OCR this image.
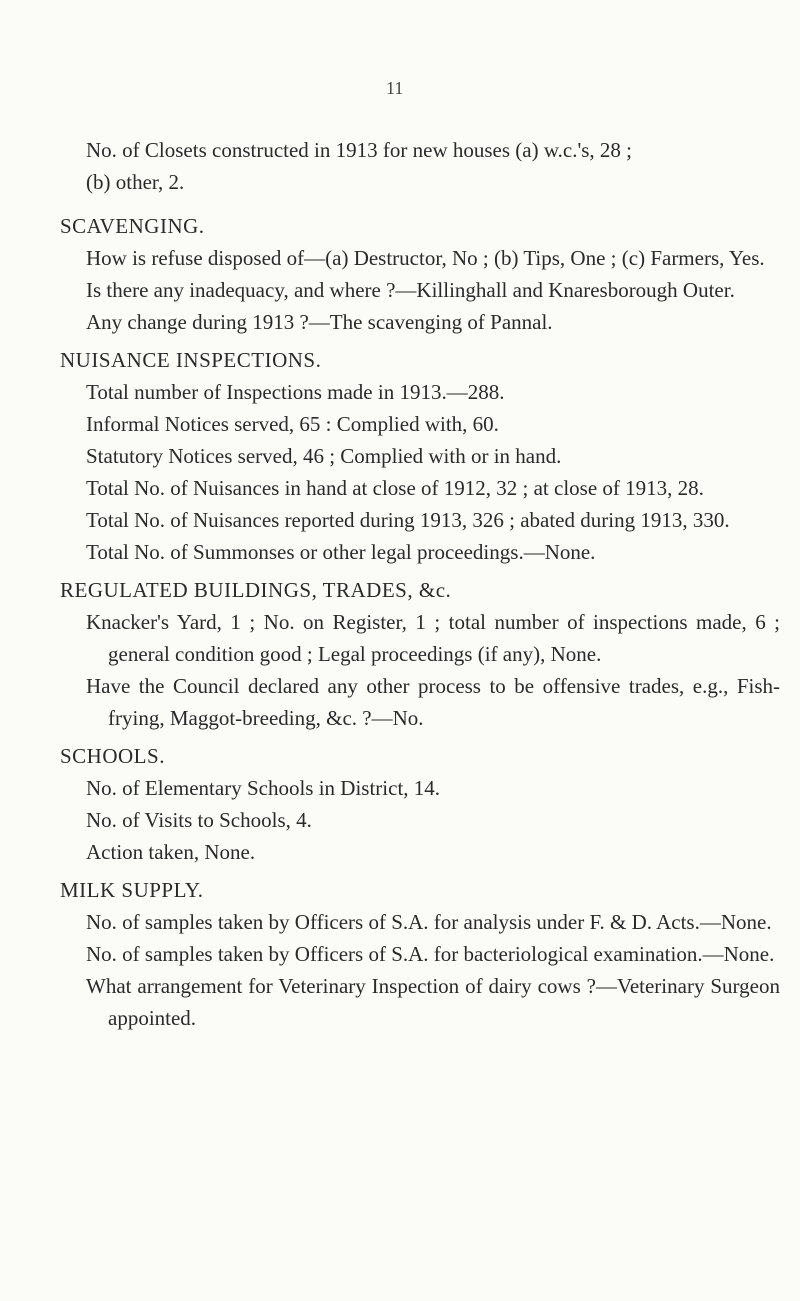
11

No. of Closets constructed in 1913 for new houses (a) w.c.'s, 28 ;
(b) other, 2.

SCAVENGING.

How is refuse disposed of—(a) Destructor, No ; (b) Tips, One ; (c) Farmers, Yes.

Is there any inadequacy, and where ?—Killinghall and Knaresborough Outer.

Any change during 1913 ?—The scavenging of Pannal.

NUISANCE INSPECTIONS.

Total number of Inspections made in 1913.—288.

Informal Notices served, 65 : Complied with, 60.

Statutory Notices served, 46 ; Complied with or in hand.

Total No. of Nuisances in hand at close of 1912, 32 ; at close of 1913, 28.

Total No. of Nuisances reported during 1913, 326 ; abated during 1913, 330.

Total No. of Summonses or other legal proceedings.—None.

REGULATED BUILDINGS, TRADES, &c.

Knacker's Yard, 1 ; No. on Register, 1 ; total number of inspections made, 6 ; general condition good ; Legal proceedings (if any), None.

Have the Council declared any other process to be offensive trades, e.g., Fish-frying, Maggot-breeding, &c. ?—No.

SCHOOLS.

No. of Elementary Schools in District, 14.

No. of Visits to Schools, 4.

Action taken, None.

MILK SUPPLY.

No. of samples taken by Officers of S.A. for analysis under F. & D. Acts.—None.

No. of samples taken by Officers of S.A. for bacteriological examination.—None.

What arrangement for Veterinary Inspection of dairy cows ?—Veterinary Surgeon appointed.
